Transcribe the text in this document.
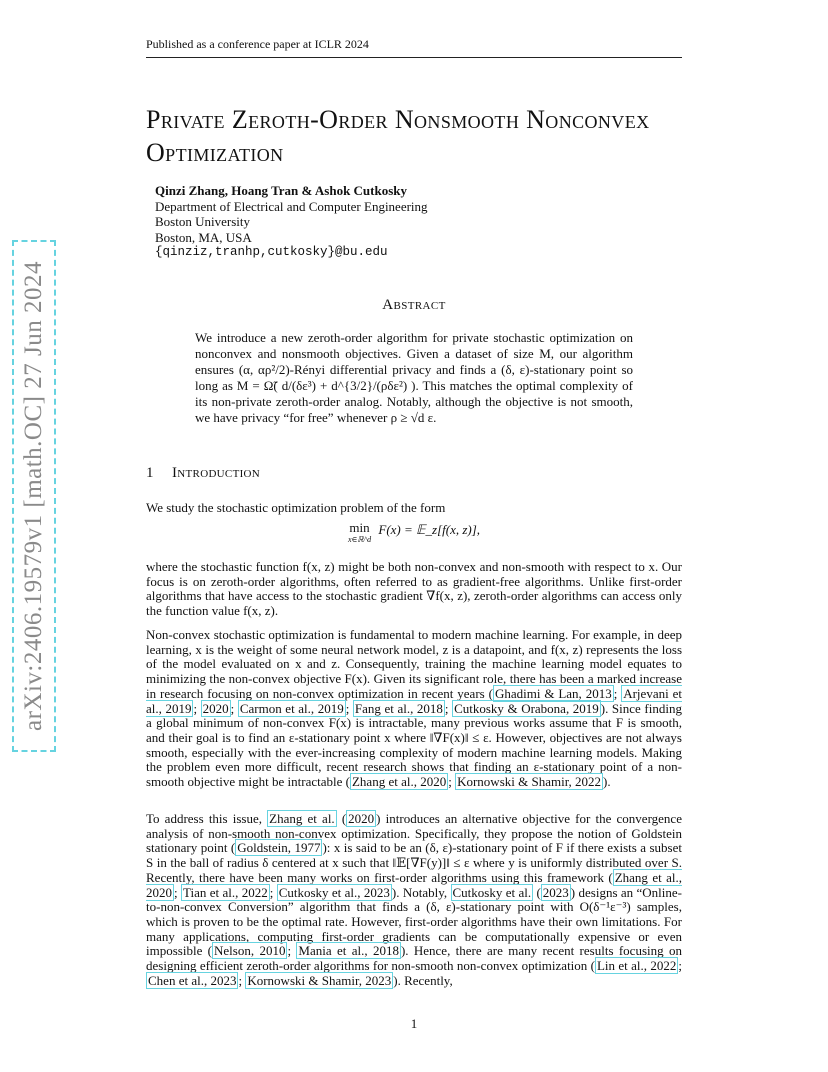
arXiv:2406.19579v1 [math.OC] 27 Jun 2024
Published as a conference paper at ICLR 2024
Private Zeroth-Order Nonsmooth Nonconvex
Optimization
Qinzi Zhang, Hoang Tran & Ashok Cutkosky
Department of Electrical and Computer Engineering
Boston University
Boston, MA, USA
{qinziz,tranhp,cutkosky}@bu.edu
Abstract
We introduce a new zeroth-order algorithm for private stochastic optimization on nonconvex and nonsmooth objectives. Given a dataset of size M, our algorithm ensures (α, αρ²/2)-Rényi differential privacy and finds a (δ, ε)-stationary point so long as M = Ω̃( d/(δε³) + d^{3/2}/(ρδε²) ). This matches the optimal complexity of its non-private zeroth-order analog. Notably, although the objective is not smooth, we have privacy “for free” whenever ρ ≥ √d ε.
1 Introduction
We study the stochastic optimization problem of the form
min
x∈ℝ^d
F(x) = 𝔼_z[f(x, z)],
where the stochastic function f(x, z) might be both non-convex and non-smooth with respect to x. Our focus is on zeroth-order algorithms, often referred to as gradient-free algorithms. Unlike first-order algorithms that have access to the stochastic gradient ∇f(x, z), zeroth-order algorithms can access only the function value f(x, z).
Non-convex stochastic optimization is fundamental to modern machine learning. For example, in deep learning, x is the weight of some neural network model, z is a datapoint, and f(x, z) represents the loss of the model evaluated on x and z. Consequently, training the machine learning model equates to minimizing the non-convex objective F(x). Given its significant role, there has been a marked increase in research focusing on non-convex optimization in recent years ( Ghadimi & Lan, 2013 ; Arjevani et al., 2019 ; 2020 ; Carmon et al., 2019 ; Fang et al., 2018 ; Cutkosky & Orabona, 2019 ). Since finding a global minimum of non-convex F(x) is intractable, many previous works assume that F is smooth, and their goal is to find an ε-stationary point x where ‖∇F(x)‖ ≤ ε. However, objectives are not always smooth, especially with the ever-increasing complexity of modern machine learning models. Making the problem even more difficult, recent research shows that finding an ε-stationary point of a non-smooth objective might be intractable ( Zhang et al., 2020 ; Kornowski & Shamir, 2022 ).
To address this issue, Zhang et al. ( 2020 ) introduces an alternative objective for the convergence analysis of non-smooth non-convex optimization. Specifically, they propose the notion of Goldstein stationary point ( Goldstein, 1977 ): x is said to be an (δ, ε)-stationary point of F if there exists a subset S in the ball of radius δ centered at x such that ‖𝔼[∇F(y)]‖ ≤ ε where y is uniformly distributed over S. Recently, there have been many works on first-order algorithms using this framework ( Zhang et al., 2020 ; Tian et al., 2022 ; Cutkosky et al., 2023 ). Notably, Cutkosky et al. ( 2023 ) designs an “Online-to-non-convex Conversion” algorithm that finds a (δ, ε)-stationary point with O(δ⁻¹ε⁻³) samples, which is proven to be the optimal rate. However, first-order algorithms have their own limitations. For many applications, computing first-order gradients can be computationally expensive or even impossible ( Nelson, 2010 ; Mania et al., 2018 ). Hence, there are many recent results focusing on designing efficient zeroth-order algorithms for non-smooth non-convex optimization ( Lin et al., 2022 ; Chen et al., 2023 ; Kornowski & Shamir, 2023 ). Recently,
1
